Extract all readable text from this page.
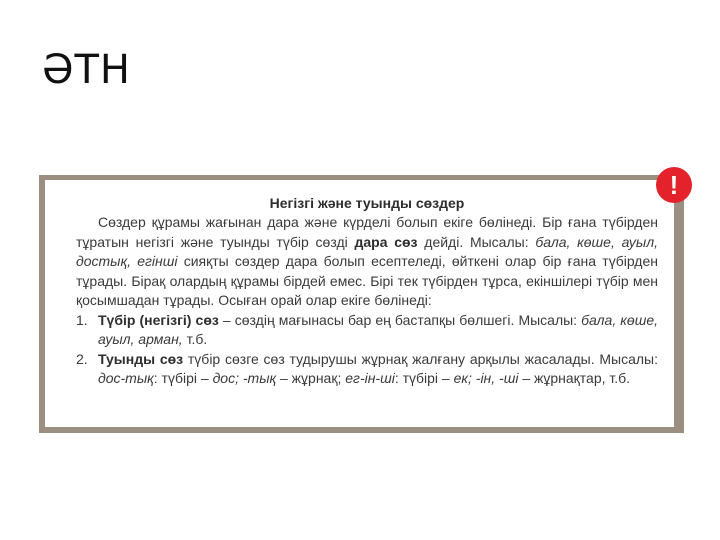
ӘТН
Негізгі және туынды сөздер

Сөздер құрамы жағынан дара және күрделі болып екіге бөлінеді. Бір ғана түбірден тұратын негізгі және туынды түбір сөзді дара сөз дейді. Мысалы: бала, көше, ауыл, достық, егінші сияқты сөздер дара болып есептеледі, өйткені олар бір ғана түбірден тұрады. Бірақ олардың құрамы бірдей емес. Бірі тек түбірден тұрса, екіншілері түбір мен қосымшадан тұрады. Осыған орай олар екіге бөлінеді:

1. Түбір (негізгі) сөз – сөздің мағынасы бар ең бастапқы бөлшегі. Мысалы: бала, көше, ауыл, арман, т.б.
2. Туынды сөз түбір сөзге сөз тудырушы жұрнақ жалғану арқылы жасалады. Мысалы: дос-тық: түбірі – дос; -тық – жұрнақ; ег-ін-ші: түбірі – ек; -ін, -ші – жұрнақтар, т.б.
!
